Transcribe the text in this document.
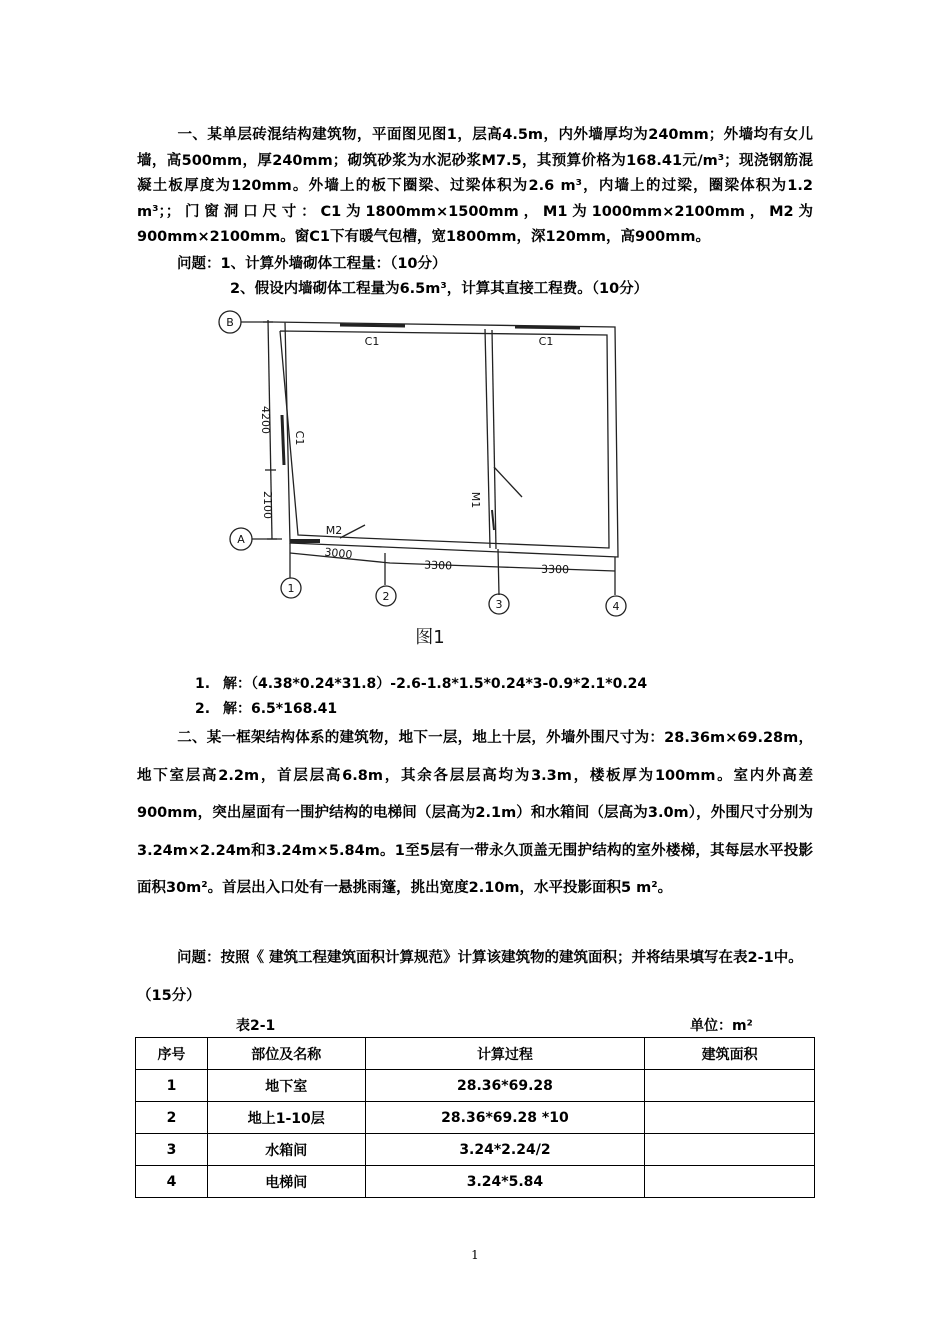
一、某单层砖混结构建筑物，平面图见图1，层高4.5m，内外墙厚均为240mm；外墙均有女儿墙，高500mm，厚240mm；砌筑砂浆为水泥砂浆M7.5，其预算价格为168.41元/m³；现浇钢筋混凝土板厚度为120mm。外墙上的板下圈梁、过梁体积为2.6 m³，内墙上的过梁，圈梁体积为1.2 m³；；门窗洞口尺寸：C1为1800mm×1500mm，M1为1000mm×2100mm，M2为900mm×2100mm。窗C1下有暖气包槽，宽1800mm，深120mm，高900mm。
问题：1、计算外墙砌体工程量：（10分）
2、假设内墙砌体工程量为6.5m³，计算其直接工程费。（10分）
B
A
1
2
3	4
4200
2100
3000
3300	3300
C1	C1
C1
M1
M2
图1
1. 解：（4.38*0.24*31.8）-2.6-1.8*1.5*0.24*3-0.9*2.1*0.24
2. 解：6.5*168.41
二、某一框架结构体系的建筑物，地下一层，地上十层，外墙外围尺寸为：28.36m×69.28m，地下室层高2.2m，首层层高6.8m，其余各层层高均为3.3m，楼板厚为100mm。室内外高差900mm，突出屋面有一围护结构的电梯间（层高为2.1m）和水箱间（层高为3.0m），外围尺寸分别为3.24m×2.24m和3.24m×5.84m。1至5层有一带永久顶盖无围护结构的室外楼梯，其每层水平投影面积30m²。首层出入口处有一悬挑雨篷，挑出宽度2.10m，水平投影面积5 m²。
问题：按照《 建筑工程建筑面积计算规范》计算该建筑物的建筑面积；并将结果填写在表2-1中。（15分）
表2-1	单位：m²
序号	部位及名称	计算过程	建筑面积
1	地下室	28.36*69.28	
2	地上1-10层	28.36*69.28 *10	
3	水箱间	3.24*2.24/2	
4	电梯间	3.24*5.84	
1
